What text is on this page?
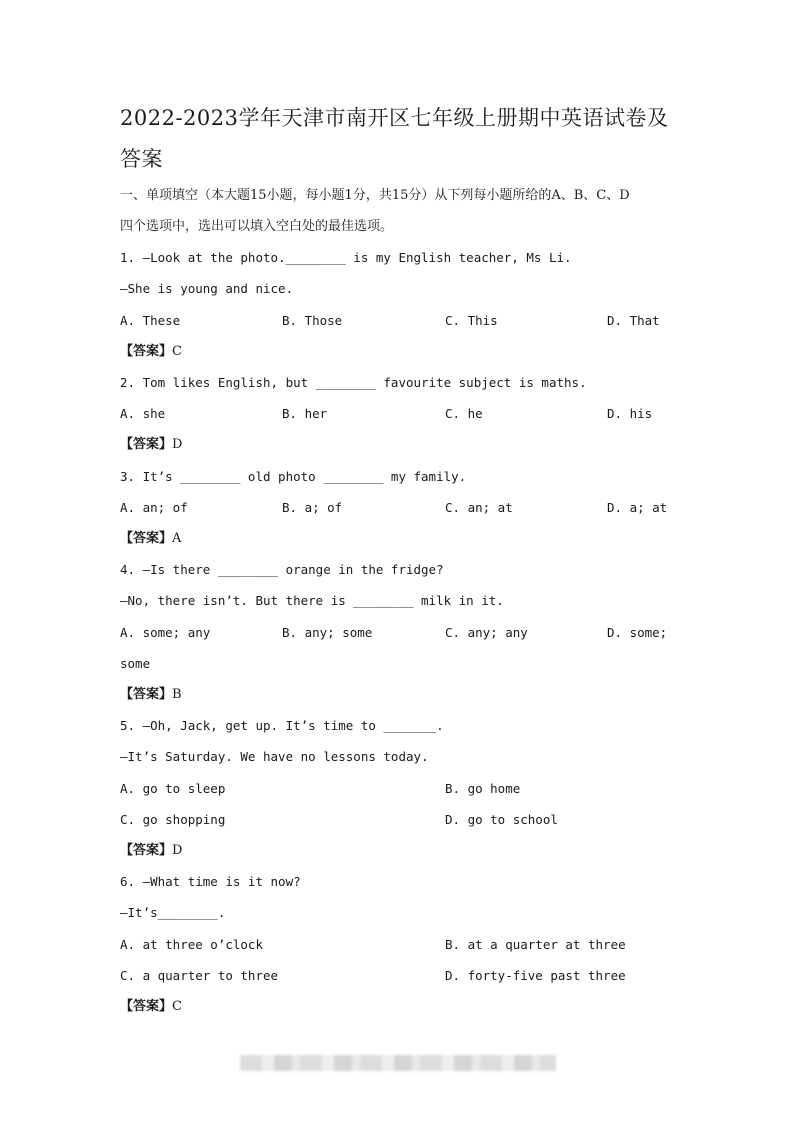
2022-2023学年天津市南开区七年级上册期中英语试卷及答案
一、单项填空（本大题15小题，每小题1分，共15分）从下列每小题所给的A、B、C、D
四个选项中，选出可以填入空白处的最佳选项。
1. —Look at the photo.________ is my English teacher, Ms Li.
—She is young and nice.
A. These	B. Those	C. This	D. That
【答案】C
2. Tom likes English, but ________ favourite subject is maths.
A. she	B. her	C. he	D. his
【答案】D
3. It’s ________ old photo ________ my family.
A. an; of	B. a; of	C. an; at	D. a; at
【答案】A
4. —Is there ________ orange in the fridge?
—No, there isn’t. But there is ________ milk in it.
A. some; any	B. any; some	C. any; any	D. some;
some
【答案】B
5. —Oh, Jack, get up. It’s time to _______.
—It’s Saturday. We have no lessons today.
A. go to sleep	B. go home
C. go shopping	D. go to school
【答案】D
6. —What time is it now?
—It’s________.
A. at three o’clock	B. at a quarter at three
C. a quarter to three	D. forty-five past three
【答案】C
